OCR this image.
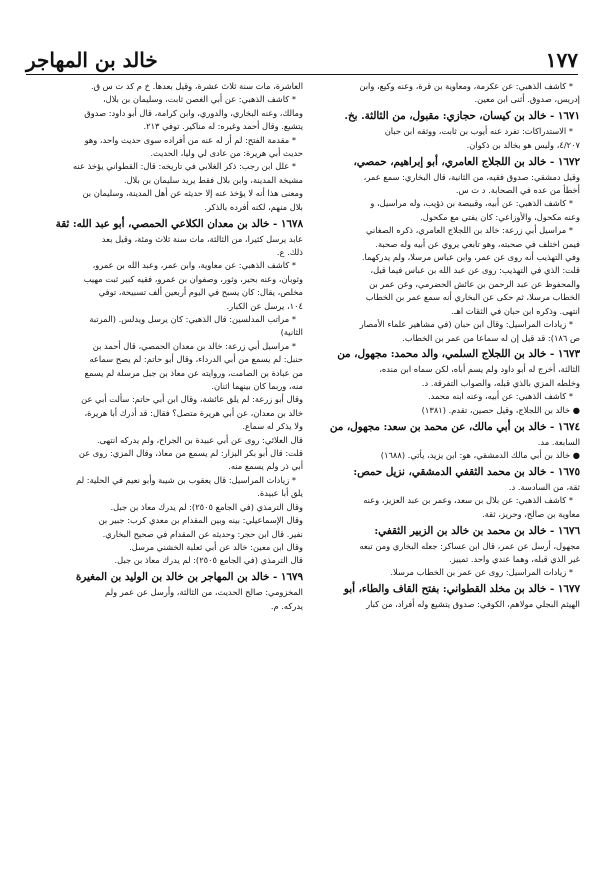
خالد بن المهاجر	١٧٧

* كاشف الذهبي: عن عكرمة، ومعاوية بن قرة، وعنه وكيع، وابن

إدريس، صدوق. أثنى ابن معين.

١٦٧١ - خالد بن كيسان، حجازي: مقبول، من الثالثة. بخ.

* الاستدراكات: تفرد عنه أيوب بن ثابت، ووثقه ابن حبان

٤/٢٠٧، وليس هو بخالد بن ذكوان.

١٦٧٢ - خالد بن اللجلاج العامري، أبو إبراهيم، حمصي،

وقيل دمشقي: صدوق فقيه، من الثانية، قال البخاري: سمع عمر،

أخطأ من عده في الصحابة. د ت س.

* كاشف الذهبي: عن أبيه، وقبيصة بن ذؤيب، وله مراسيل، و

وعنه مكحول، والأوزاعي: كان يفتي مع مكحول.

* مراسيل أبي زرعة: خالد بن اللجلاج العامري، ذكره الصغاني

فيمن اختلف في صحبته، وهو تابعي يروي عن أبيه وله صحبة.

وفي التهذيب أنه روى عن عمر، وابن عباس مرسلا، ولم يدركهما.

قلت: الذي في التهذيب: روى عن عبد الله بن عباس فيما قيل،

والمحفوظ عن عبد الرحمن بن عائش الحضرمي، وعن عمر بن

الخطاب مرسلا، ثم حكى عن البخاري أنه سمع عمر بن الخطاب

انتهى. وذكره ابن حبان في الثقات اهـ.

* زيادات المراسيل: وقال ابن حبان (في مشاهير علماء الأمصار

ص ١٨٦): قد قيل إن له سماعا من عمر بن الخطاب.

١٦٧٣ - خالد بن اللجلاج السلمي، والد محمد: مجهول، من

الثالثة، أخرج له أبو داود ولم يسم أباه، لكن سماه ابن منده،

وخلطه المزي بالذي قبله، والصواب التفرقة. د.

* كاشف الذهبي: عن أبيه، وعنه ابنه محمد.

● خالد بن اللجلاج، وقيل حصين، تقدم. (١٣٨١)

١٦٧٤ - خالد بن أبي مالك، عن محمد بن سعد: مجهول، من

السابعة. مد.

● خالد بن أبي مالك الدمشقي، هو: ابن يزيد، يأتي. (١٦٨٨)

١٦٧٥ - خالد بن محمد الثقفي الدمشقي، نزيل حمص:

ثقة، من السادسة. د.

* كاشف الذهبي: عن بلال بن سعد، وعمر بن عبد العزيز، وعنه

معاوية بن صالح، وحريز، ثقة.

١٦٧٦ - خالد بن محمد بن خالد بن الزبير الثقفي:

مجهول، أرسل عن عمر، قال ابن عساكر: جعله البخاري ومن تبعه

غير الذي قبله، وهما عندي واحد. تمييز.

* زيادات المراسيل: روى عن عمر بن الخطاب مرسلا.

١٦٧٧ - خالد بن مخلد القطواني: بفتح القاف والطاء، أبو

الهيثم البجلي مولاهم، الكوفي: صدوق يتشيع وله أفراد، من كبار

العاشرة، مات سنة ثلاث عشرة، وقيل بعدها. خ م كد ت س ق.

* كاشف الذهبي: عن أبي الغصن ثابت، وسليمان بن بلال،

ومالك، وعنه البخاري، والدوري، وابن كرامة، قال أبو داود: صدوق

يتشيع. وقال أحمد وغيره: له مناكير. توفي ٢١٣.

* مقدمة الفتح: لم أر له عنه من أفراده سوى حديث واحد، وهو

حديث أبي هريرة: من عادى لي وليا، الحديث.

* علل ابن رجب: ذكر الغلابي في تاريخه: قال: القطواني يؤخذ عنه

مشيخة المدينة، وابن بلال فقط يريد سليمان بن بلال.

ومعنى هذا أنه لا يؤخذ عنه إلا حديثه عن أهل المدينة، وسليمان بن

بلال منهم، لكنه أفرده بالذكر.

١٦٧٨ - خالد بن معدان الكلاعي الحمصي، أبو عبد الله: ثقة

عابد يرسل كثيرا، من الثالثة، مات سنة ثلاث ومئة، وقيل بعد

ذلك. ع.

* كاشف الذهبي: عن معاوية، وابن عمر، وعبد الله بن عمرو،

وثوبان، وعنه بحير، وثور، وصفوان بن عمرو، فقيه كبير ثبت مهيب

مخلص، يقال: كان يسبح في اليوم أربعين ألف تسبيحة، توفي

١٠٤، يرسل عن الكبار.

* مراتب المدلسين: قال الذهبي: كان يرسل ويدلس. (المرتبة

الثانية)

* مراسيل أبي زرعة: خالد بن معدان الحمصي، قال أحمد بن

حنبل: لم يسمع من أبي الدرداء، وقال أبو حاتم: لم يصح سماعه

من عبادة بن الصامت، وروايته عن معاذ بن جبل مرسلة لم يسمع

منه، وربما كان بينهما اثنان.

وقال أبو زرعة: لم يلق عائشة، وقال ابن أبي حاتم: سألت أبي عن

خالد بن معدان، عن أبي هريرة متصل؟ فقال: قد أدرك أبا هريرة،

ولا يذكر له سماع.

قال العلائي: روى عن أبي عبيدة بن الجراح، ولم يدركه انتهى.

قلت: قال أبو بكر البزار: لم يسمع من معاذ، وقال المزي: روى عن

أبي ذر ولم يسمع منه.

* زيادات المراسيل: قال يعقوب بن شيبة وأبو نعيم في الحلية: لم

يلق أبا عبيدة.

وقال الترمذي (في الجامع ٢٥٠٥): لم يدرك معاذ بن جبل.

وقال الإسماعيلي: بينه وبين المقدام بن معدي كرب: جبير بن

نفير. قال ابن حجر: وحديثه عن المقدام في صحيح البخاري.

وقال ابن معين: خالد عن أبي ثعلبة الخشني مرسل.

قال الترمذي (في الجامع ٢٥٠٥): لم يدرك معاذ بن جبل.

١٦٧٩ - خالد بن المهاجر بن خالد بن الوليد بن المغيرة

المخزومي: صالح الحديث، من الثالثة، وأرسل عن عمر ولم

يدركه. م.
